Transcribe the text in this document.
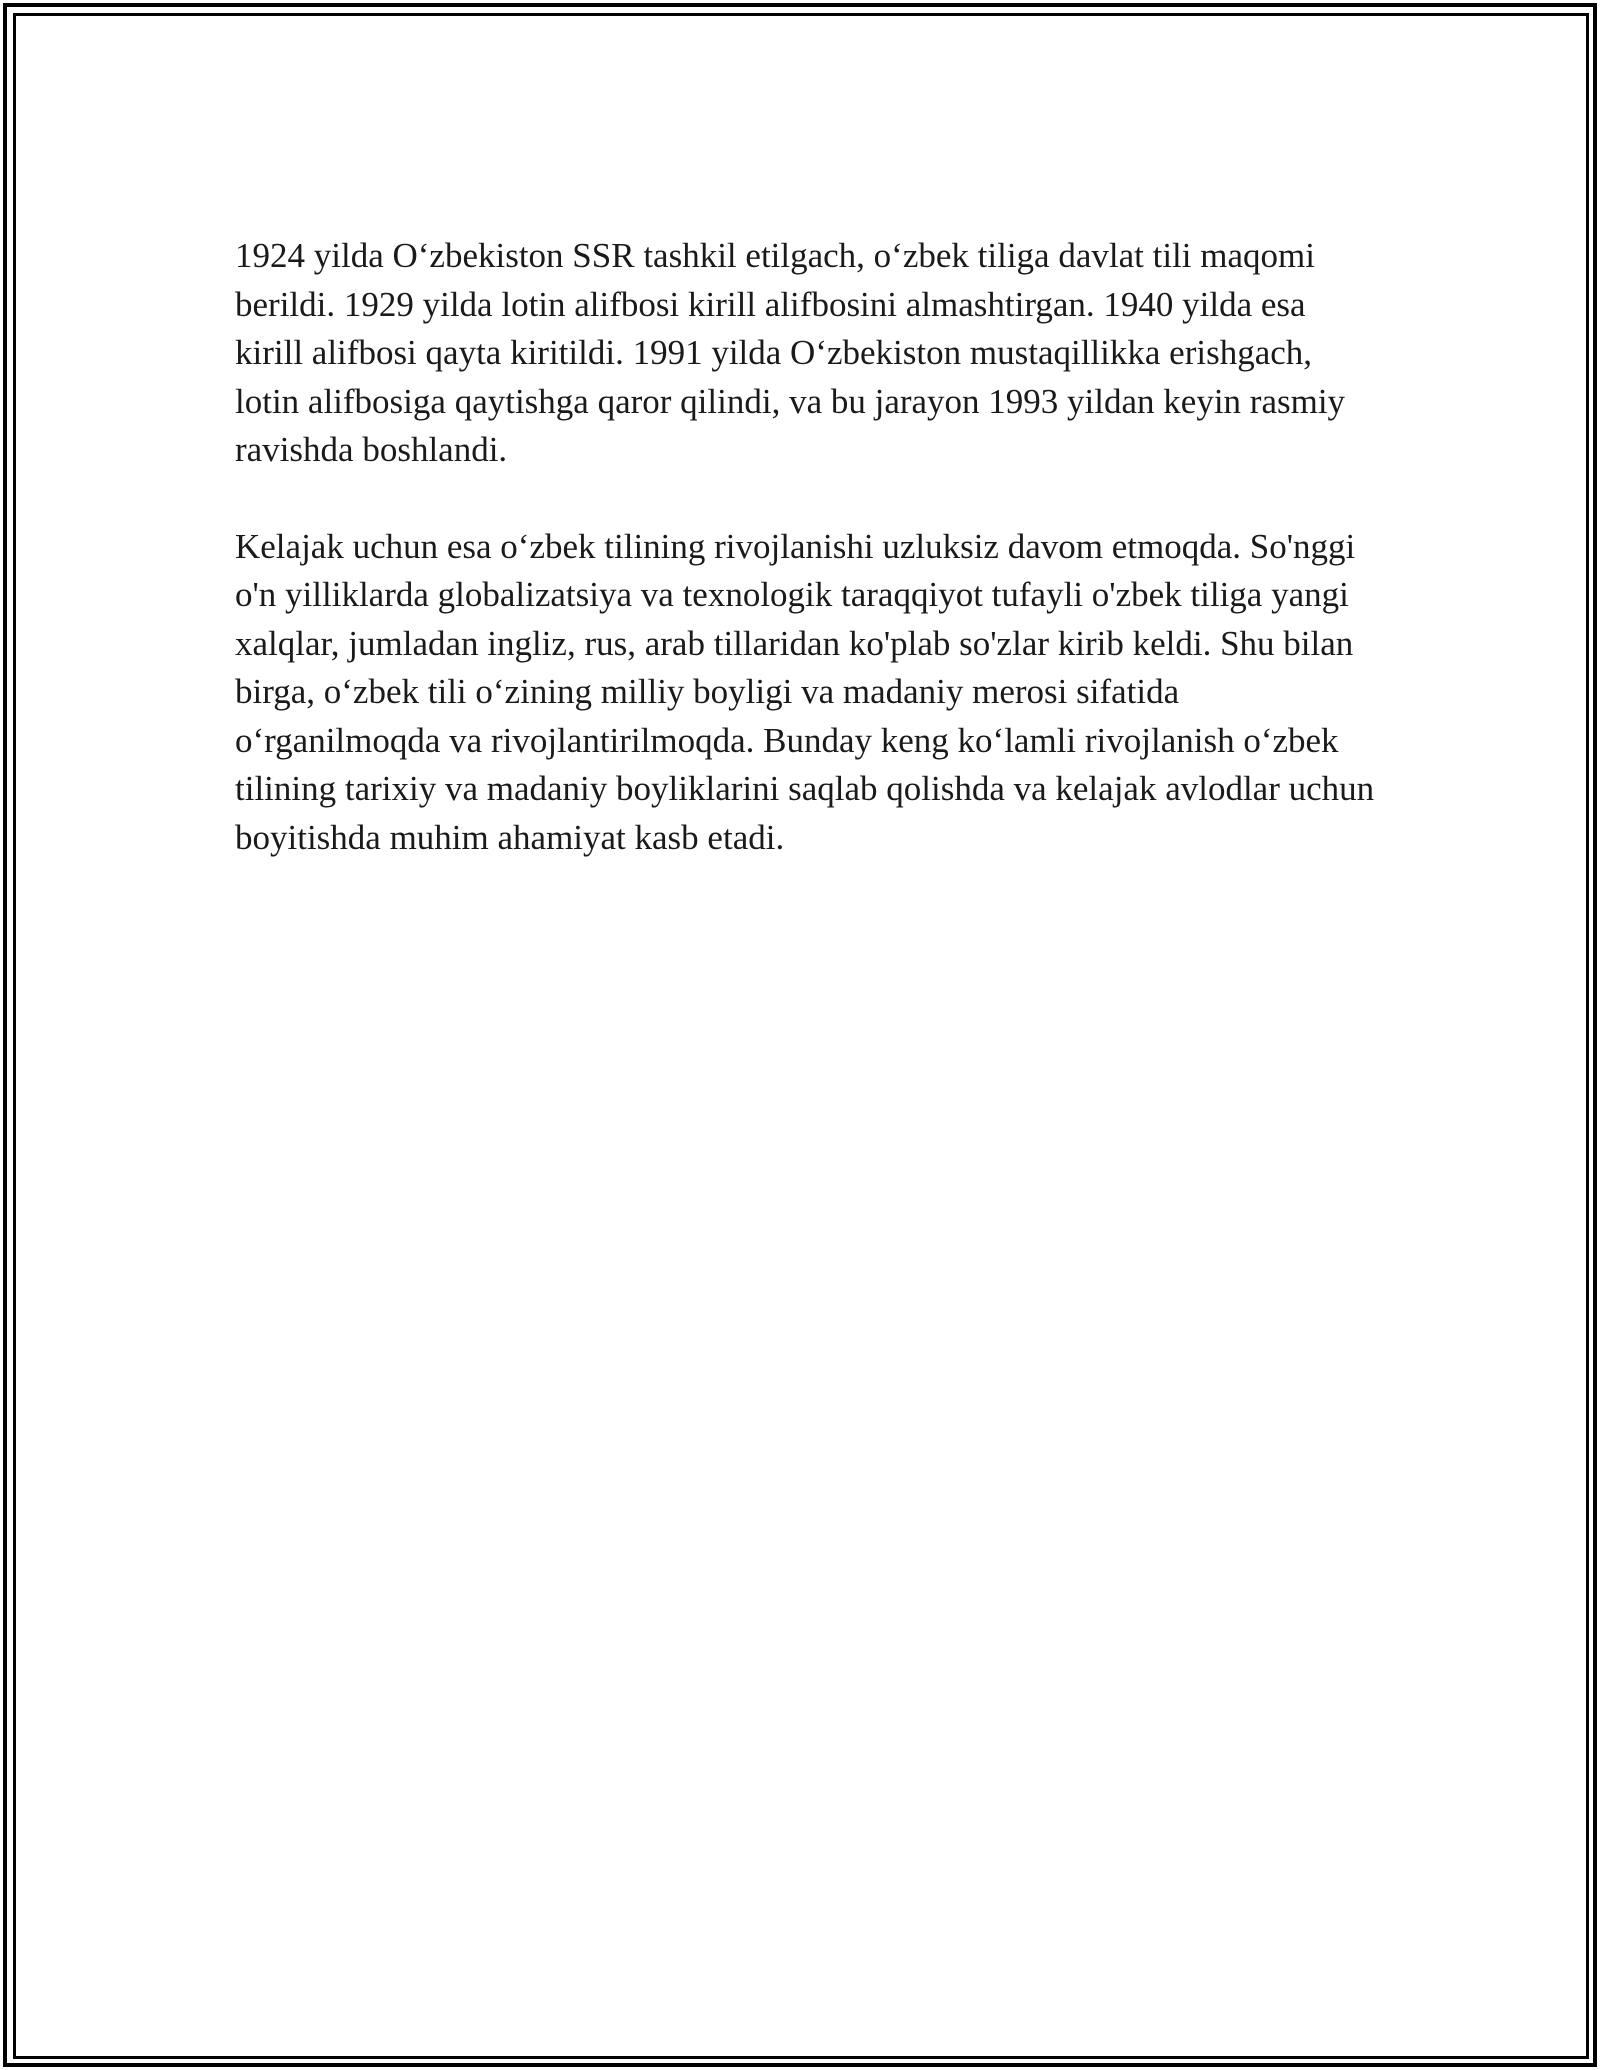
1924 yilda O‘zbekiston SSR tashkil etilgach, o‘zbek tiliga davlat tili maqomi berildi. 1929 yilda lotin alifbosi kirill alifbosini almashtirgan. 1940 yilda esa kirill alifbosi qayta kiritildi. 1991 yilda O‘zbekiston mustaqillikka erishgach, lotin alifbosiga qaytishga qaror qilindi, va bu jarayon 1993 yildan keyin rasmiy ravishda boshlandi.

Kelajak uchun esa o‘zbek tilining rivojlanishi uzluksiz davom etmoqda. So'nggi o'n yilliklarda globalizatsiya va texnologik taraqqiyot tufayli o'zbek tiliga yangi xalqlar, jumladan ingliz, rus, arab tillaridan ko'plab so'zlar kirib keldi. Shu bilan birga, o‘zbek tili o‘zining milliy boyligi va madaniy merosi sifatida o‘rganilmoqda va rivojlantirilmoqda. Bunday keng ko‘lamli rivojlanish o‘zbek tilining tarixiy va madaniy boyliklarini saqlab qolishda va kelajak avlodlar uchun boyitishda muhim ahamiyat kasb etadi.
